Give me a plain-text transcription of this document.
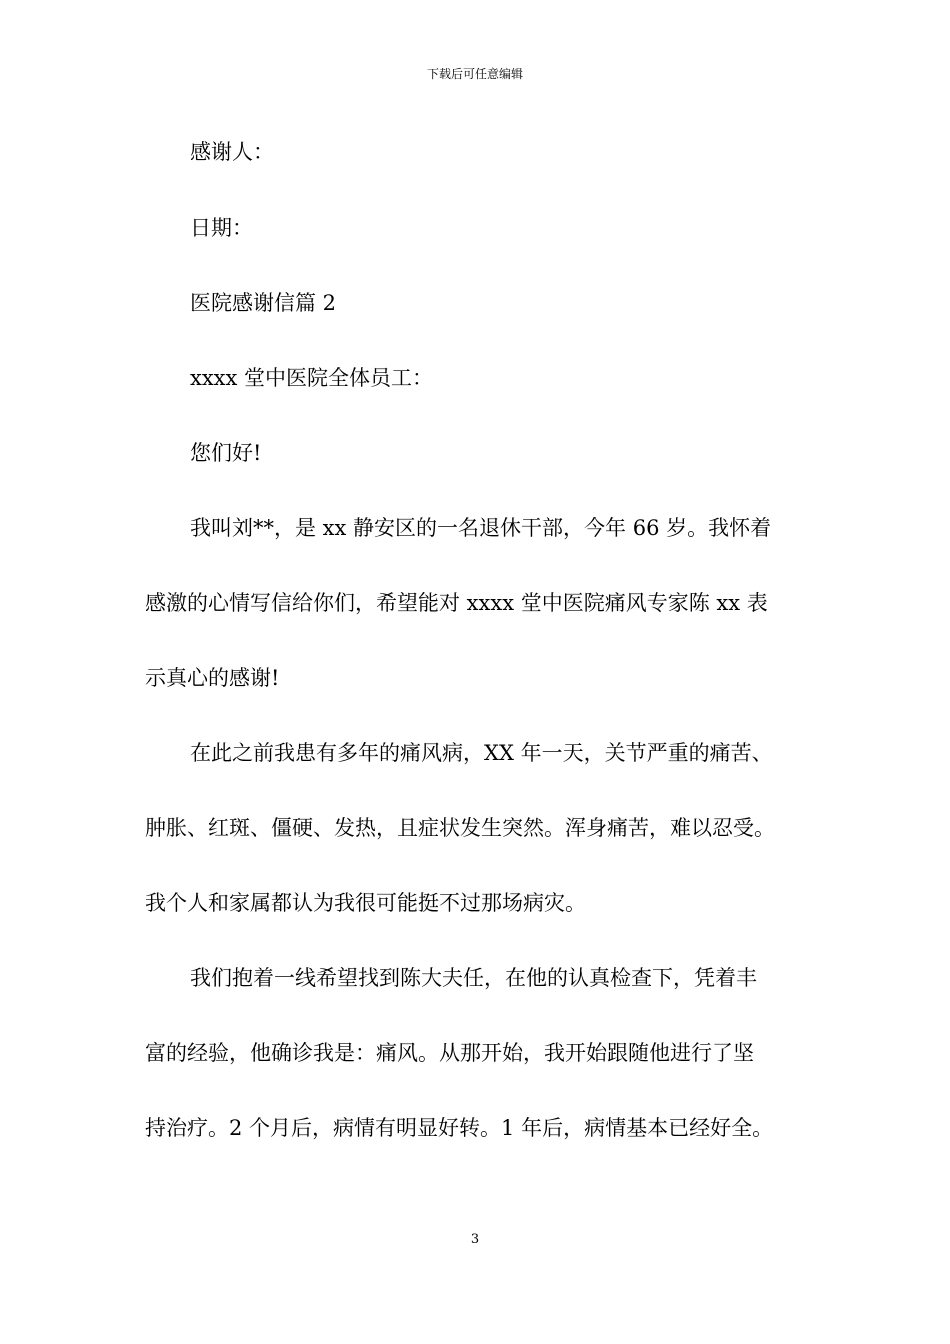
下载后可任意编辑
感谢人：
日期：
医院感谢信篇 2
xxxx 堂中医院全体员工：
您们好!
我叫刘**，是 xx 静安区的一名退休干部，今年 66 岁。我怀着
感激的心情写信给你们，希望能对 xxxx 堂中医院痛风专家陈 xx 表
示真心的感谢!
在此之前我患有多年的痛风病，XX 年一天，关节严重的痛苦、
肿胀、红斑、僵硬、发热，且症状发生突然。浑身痛苦，难以忍受。
我个人和家属都认为我很可能挺不过那场病灾。
我们抱着一线希望找到陈大夫任，在他的认真检查下，凭着丰
富的经验，他确诊我是：痛风。从那开始，我开始跟随他进行了坚
持治疗。2 个月后，病情有明显好转。1 年后，病情基本已经好全。
3
